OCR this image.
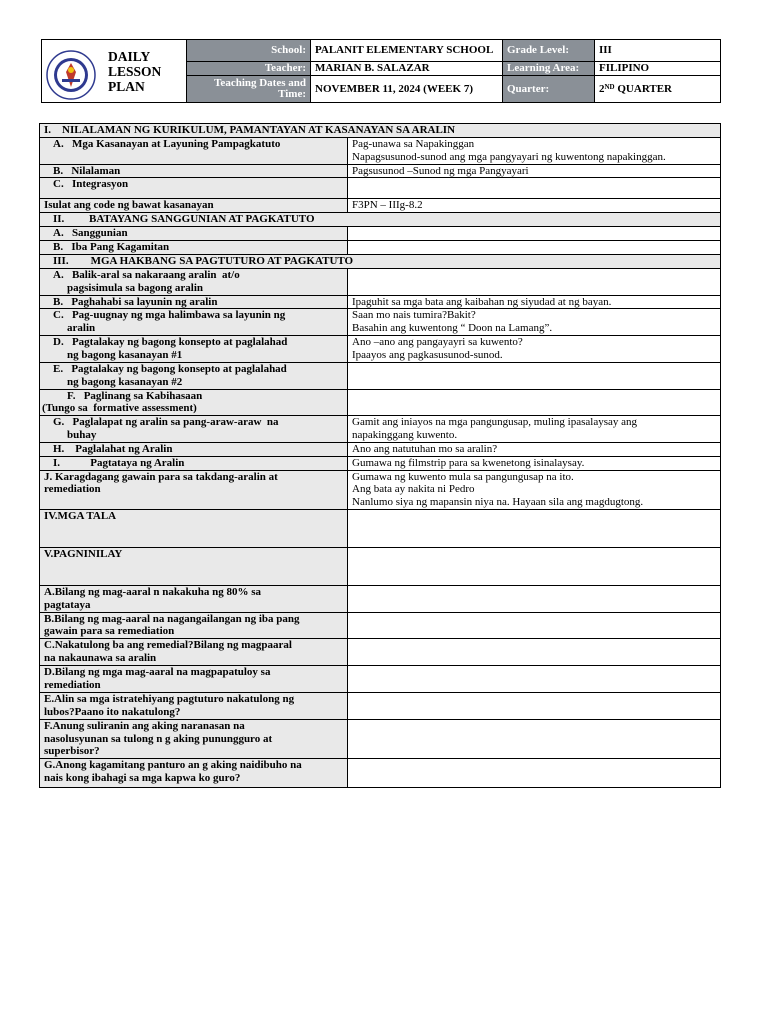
DAILY
LESSON
PLAN	School:	PALANIT ELEMENTARY SCHOOL	Grade Level:	III
	Teacher:	MARIAN B. SALAZAR	Learning Area:	FILIPINO
	Teaching Dates and Time:	NOVEMBER 11, 2024 (WEEK 7)	Quarter:	2ND QUARTER
I.    NILALAMAN NG KURIKULUM, PAMANTAYAN AT KASANAYAN SA ARALIN	
A.   Mga Kasanayan at Layuning Pampagkatuto	Pag-unawa sa Napakinggan
Napagsusunod-sunod ang mga pangyayari ng kuwentong napakinggan.

B.   Nilalaman	Pagsusunod –Sunod ng mga Pangyayari
C.   Integrasyon	
Isulat ang code ng bawat kasanayan	F3PN – IIIg-8.2
II.         BATAYANG SANGGUNIAN AT PAGKATUTO	
A.   Sanggunian	
B.   Iba Pang Kagamitan	
III.        MGA HAKBANG SA PAGTUTURO AT PAGKATUTO	

A.   Balik-aral sa nakaraang aralin  at/o
pagsisimula sa bagong aralin	

B.   Paghahabi sa layunin ng aralin	Ipaguhit sa mga bata ang kaibahan ng siyudad at ng bayan.

C.   Pag-uugnay ng mga halimbawa sa layunin ng
aralin	Saan mo nais tumira?Bakit?
Basahin ang kuwentong “ Doon na Lamang”.

D.   Pagtalakay ng bagong konsepto at paglalahad
ng bagong kasanayan #1	Ano –ano ang pangayayri sa kuwento?
Ipaayos ang pagkasusunod-sunod.

E.   Pagtalakay ng bagong konsepto at paglalahad
ng bagong kasanayan #2	

F.   Paglinang sa Kabihasaan
(Tungo sa  formative assessment)	

G.   Paglalapat ng aralin sa pang-araw-araw  na
buhay	Gamit ang iniayos na mga pangungusap, muling ipasalaysay ang
napakinggang kuwento.

H.    Paglalahat ng Aralin	Ano ang natutuhan mo sa aralin?
I.           Pagtataya ng Aralin	Gumawa ng filmstrip para sa kwenetong isinalaysay.

J. Karagdagang gawain para sa takdang-aralin at
remediation	Gumawa ng kuwento mula sa pangungusap na ito.
Ang bata ay nakita ni Pedro
Nanlumo siya ng mapansin niya na. Hayaan sila ang magdugtong.

IV.MGA TALA	
V.PAGNINILAY	

A.Bilang ng mag-aaral n nakakuha ng 80% sa
pagtataya	

B.Bilang ng mag-aaral na nagangailangan ng iba pang
gawain para sa remediation	

C.Nakatulong ba ang remedial?Bilang ng magpaaral
na nakaunawa sa aralin	

D.Bilang ng mga mag-aaral na magpapatuloy sa
remediation	

E.Alin sa mga istratehiyang pagtuturo nakatulong ng
lubos?Paano ito nakatulong?	

F.Anung suliranin ang aking naranasan na
nasolusyunan sa tulong n g aking punungguro at
superbisor?	

G.Anong kagamitang panturo an g aking naidibuho na
nais kong ibahagi sa mga kapwa ko guro?	
